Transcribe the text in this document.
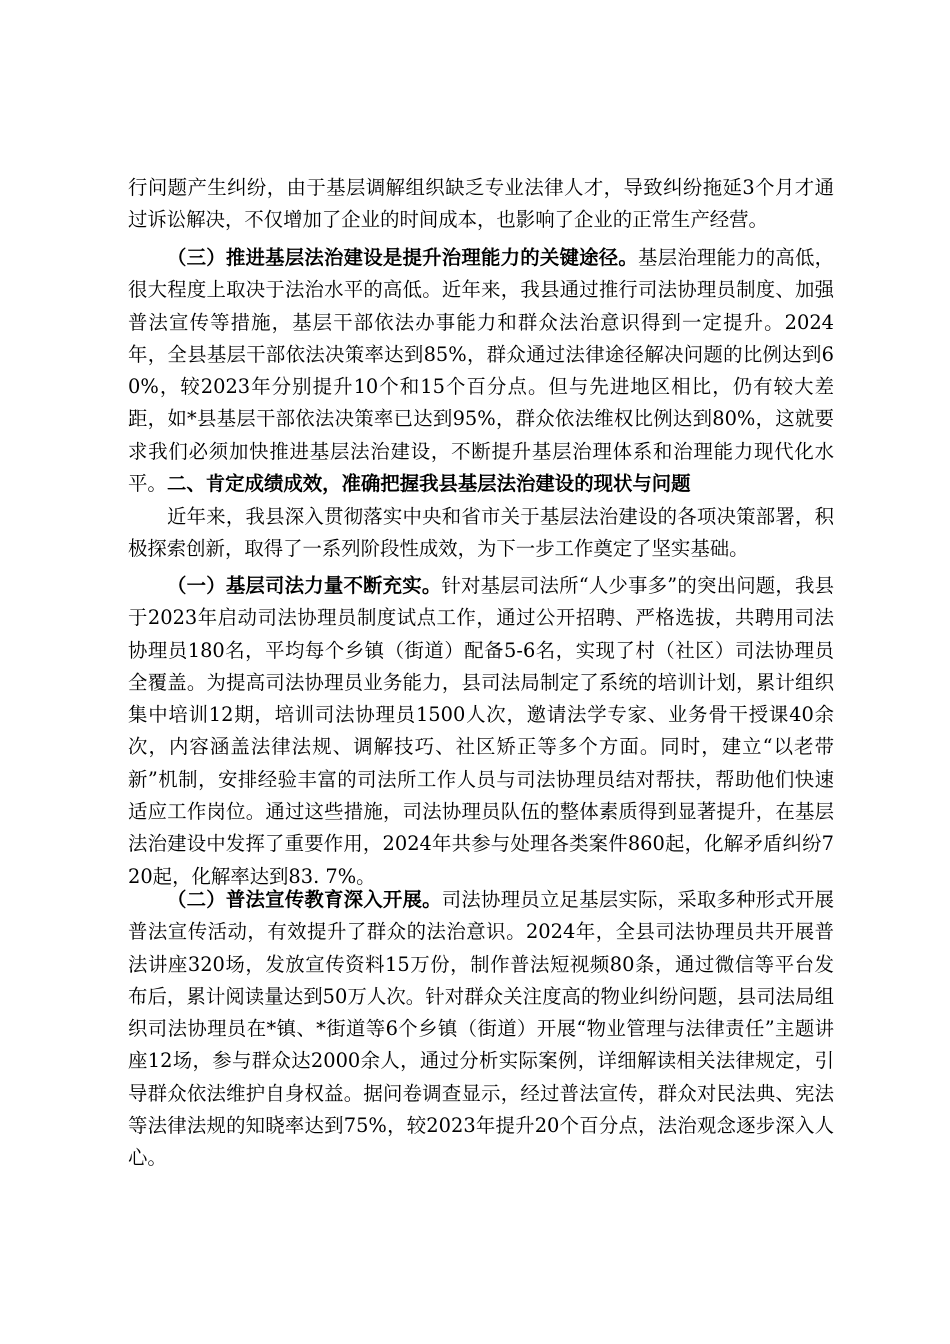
行问题产生纠纷，由于基层调解组织缺乏专业法律人才，导致纠纷拖延3个月才通过诉讼解决，不仅增加了企业的时间成本，也影响了企业的正常生产经营。

（三）推进基层法治建设是提升治理能力的关键途径。基层治理能力的高低，很大程度上取决于法治水平的高低。近年来，我县通过推行司法协理员制度、加强普法宣传等措施，基层干部依法办事能力和群众法治意识得到一定提升。2024年，全县基层干部依法决策率达到85%，群众通过法律途径解决问题的比例达到60%，较2023年分别提升10个和15个百分点。但与先进地区相比，仍有较大差距，如*县基层干部依法决策率已达到95%，群众依法维权比例达到80%，这就要求我们必须加快推进基层法治建设，不断提升基层治理体系和治理能力现代化水平。 二、肯定成绩成效，准确把握我县基层法治建设的现状与问题

近年来，我县深入贯彻落实中央和省市关于基层法治建设的各项决策部署，积极探索创新，取得了一系列阶段性成效，为下一步工作奠定了坚实基础。

（一）基层司法力量不断充实。针对基层司法所“人少事多”的突出问题，我县于2023年启动司法协理员制度试点工作，通过公开招聘、严格选拔，共聘用司法协理员180名，平均每个乡镇（街道）配备5-6名，实现了村（社区）司法协理员全覆盖。为提高司法协理员业务能力，县司法局制定了系统的培训计划，累计组织集中培训12期，培训司法协理员1500人次，邀请法学专家、业务骨干授课40余次，内容涵盖法律法规、调解技巧、社区矫正等多个方面。同时，建立“以老带新”机制，安排经验丰富的司法所工作人员与司法协理员结对帮扶，帮助他们快速适应工作岗位。通过这些措施，司法协理员队伍的整体素质得到显著提升，在基层法治建设中发挥了重要作用，2024年共参与处理各类案件860起，化解矛盾纠纷720起，化解率达到83. 7%。

（二）普法宣传教育深入开展。司法协理员立足基层实际，采取多种形式开展普法宣传活动，有效提升了群众的法治意识。2024年，全县司法协理员共开展普法讲座320场，发放宣传资料15万份，制作普法短视频80条，通过微信等平台发布后，累计阅读量达到50万人次。针对群众关注度高的物业纠纷问题，县司法局组织司法协理员在*镇、*街道等6个乡镇（街道）开展“物业管理与法律责任”主题讲座12场，参与群众达2000余人，通过分析实际案例，详细解读相关法律规定，引导群众依法维护自身权益。据问卷调查显示，经过普法宣传，群众对民法典、宪法等法律法规的知晓率达到75%，较2023年提升20个百分点，法治观念逐步深入人心。
